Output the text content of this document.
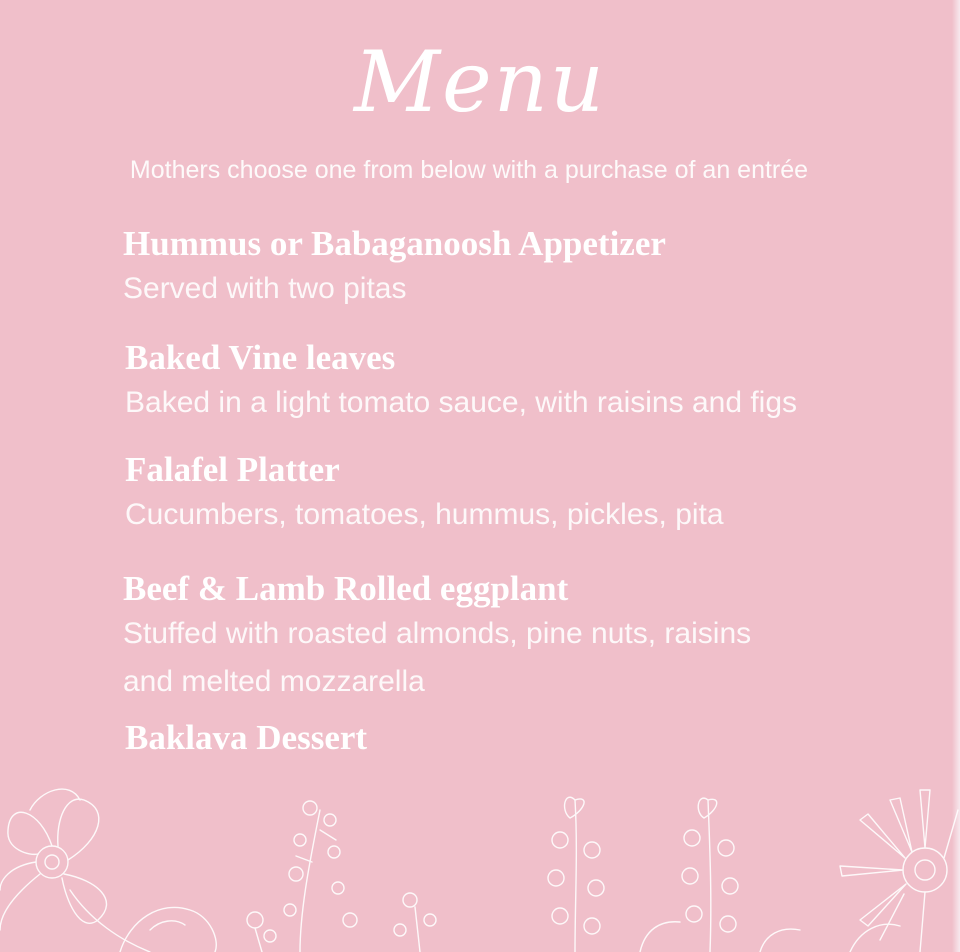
Menu
Mothers choose one from below with a purchase of an entrée
Hummus or Babaganoosh Appetizer
Served with two pitas
Baked Vine leaves
Baked in a light tomato sauce, with raisins and figs
Falafel Platter
Cucumbers, tomatoes, hummus, pickles, pita
Beef & Lamb Rolled eggplant
Stuffed with roasted almonds, pine nuts, raisins
and melted mozzarella
Baklava Dessert
